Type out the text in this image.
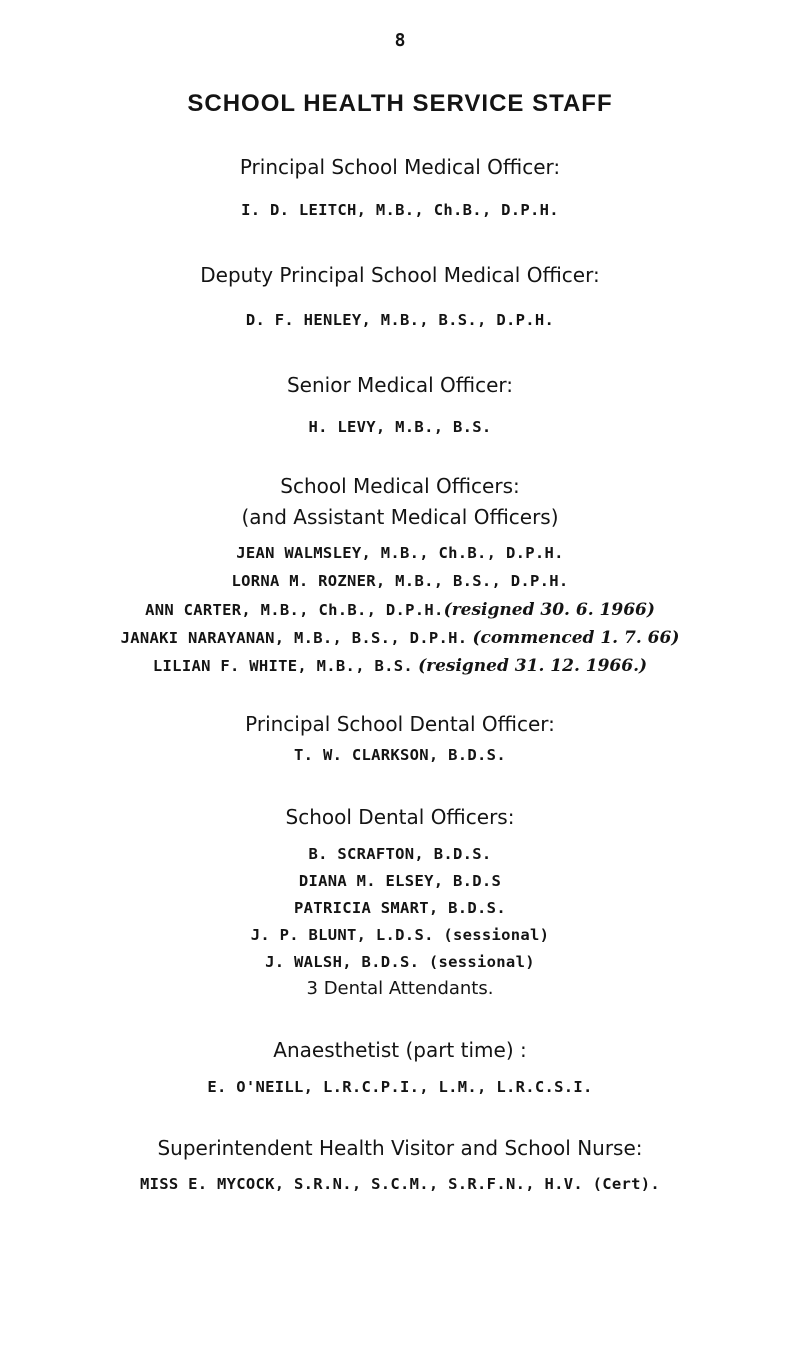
8
SCHOOL HEALTH SERVICE STAFF
Principal School Medical Officer:
I. D. LEITCH, M.B., Ch.B., D.P.H.
Deputy Principal School Medical Officer:
D. F. HENLEY, M.B., B.S., D.P.H.
Senior Medical Officer:
H. LEVY, M.B., B.S.
School Medical Officers:
(and Assistant Medical Officers)
JEAN WALMSLEY, M.B., Ch.B., D.P.H.
LORNA M. ROZNER, M.B., B.S., D.P.H.
ANN CARTER, M.B., Ch.B., D.P.H.(resigned 30. 6. 1966)
JANAKI NARAYANAN, M.B., B.S., D.P.H. (commenced 1. 7. 66)
LILIAN F. WHITE, M.B., B.S. (resigned 31. 12. 1966.)
Principal School Dental Officer:
T. W. CLARKSON, B.D.S.
School Dental Officers:
B. SCRAFTON, B.D.S.
DIANA M. ELSEY, B.D.S
PATRICIA SMART, B.D.S.
J. P. BLUNT, L.D.S. (sessional)
J. WALSH, B.D.S. (sessional)
3 Dental Attendants.
Anaesthetist (part time) :
E. O'NEILL, L.R.C.P.I., L.M., L.R.C.S.I.
Superintendent Health Visitor and School Nurse:
MISS E. MYCOCK, S.R.N., S.C.M., S.R.F.N., H.V. (Cert).
